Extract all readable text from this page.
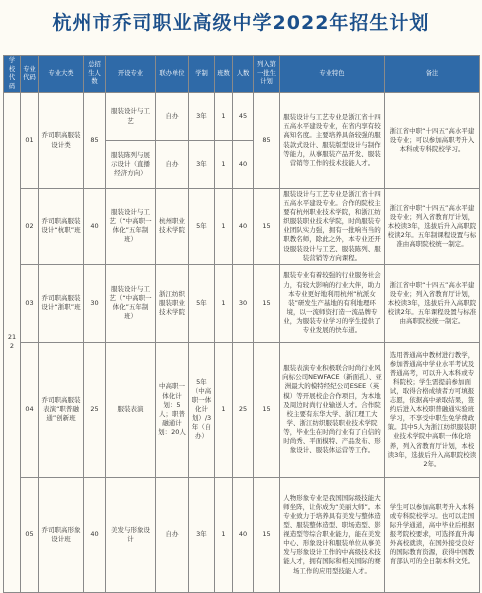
杭州市乔司职业高级中学2022年招生计划
学校代码	专业代码	专业大类	总招生人数	开设专业	联办单位	学制	班数	人数	列入第一批生计划	专业特色	备注
212	01	乔司职高服装设计类	85	服装设计与工艺	自办	3年	1	45	85	服装设计与工艺专业是浙江省十四五高水平建设专业，在省内享有较高知名度。主要培养具备较强的服装款式设计、服装版型设计与制作等能力，从事服装产品开发、服装营销等工作的技术技能人才。	浙江省中职“十四五”高水平建设专业；可以参加高职考升入本科或专科院校学习。
				服装陈列与展示设计（直播经济方向）	自办	3年	1	40			
	02	乔司职高服装设计“杭职”班	40	服装设计与工艺（“中高职一体化”五年制班）	杭州职业技术学院	5年	1	40	15	服装设计与工艺专业是浙江省十四五高水平建设专业。合作的院校主要有杭州职业技术学院，和浙江纺织服装职业技术学院，时尚服装专业团队实力强，拥有一批响当当的职教名师，除此之外，本专业还开设服装设计与工艺、服装陈列、服装营销等方向课程。	浙江省中职“十四五”高水平建设专业；列入省教育厅计划，本校读3年，选拔后升入高职院校读2年。五年制课程设置与标准由高职院校统一制定。
	03	乔司职高服装设计“浙职”班	30	服装设计与工艺（“中高职一体化”五年制班）	浙江纺织服装职业技术学院	5年	1	30	15	服装专业有着较强的行业服务社会力，有较大影响的行业大伴，助力本专业更好地利用杭州“杭派女装”研发生产基地的有利地理环境，以一流师资打造一流品牌专业，为服装专业学习的学生提供了专业发展的快车道。	浙江省中职“十四五”高水平建设专业；列入省教育厅计划，本校读3年，选拔后升入高职院校读2年。五年课程设置与标准由高职院校统一制定。
	04	乔司职高服装表演“职普融通”创新班	25	服装表演	中高职一体化计划：5人；职普融通计划：20人	5年（中高职一体化计划）/3年（自办）	1	25	15	服装表演专业积极联合时尚行业风向标公司NEWFACE（新面孔）、亚洲最大的模特经纪公司ESEE（英模）等开展校企合作项目，为本地及周边时尚行业输送人才。合作院校主要有东华大学、浙江理工大学、浙江纺织服装职业技术学院等，毕业生在时尚行业有了自信的时尚秀、平面模特、产品发布、形象设计、服装体运营等工作。	选用普通高中教材进行教学，参加普通高中学业水平考试及普通高考，可以升入本科或专科院校；学生需提前参加面试，取得合格成绩者方可填报志愿，依据高中录取结果，签约后进入本校职普融通实验班学习，不享受中职生免学费政策。其中5人为浙江纺织服装职业技术学院中高职一体化培养，列入省教育厅计划，本校读3年，选拔后升入高职院校读2年。
	05	乔司职高形象设计班	40	美发与形象设计	自办	3年	1	40	15	人物形象专业是我国国际级技能大师坐阵，让你成为“美丽大师”。本专业致力于培养具有美发与整体造型、服装整体造型、职场造型、影视造型等综合职业能力，能在美发中心、形象设计和服装单位从事美发与形象设计工作的中高级技术技能人才，拥有国际和相关国际的赛场工作的应用型技能人才。	学生可以参加高职考升入本科或专科院校学习。也可以走国际升学通道，高中毕业后根据报考院校要求，可选择直升海外高校就读，在国外接受良好的国际教育资源，获得中国教育部认可的全日制本科文凭。
